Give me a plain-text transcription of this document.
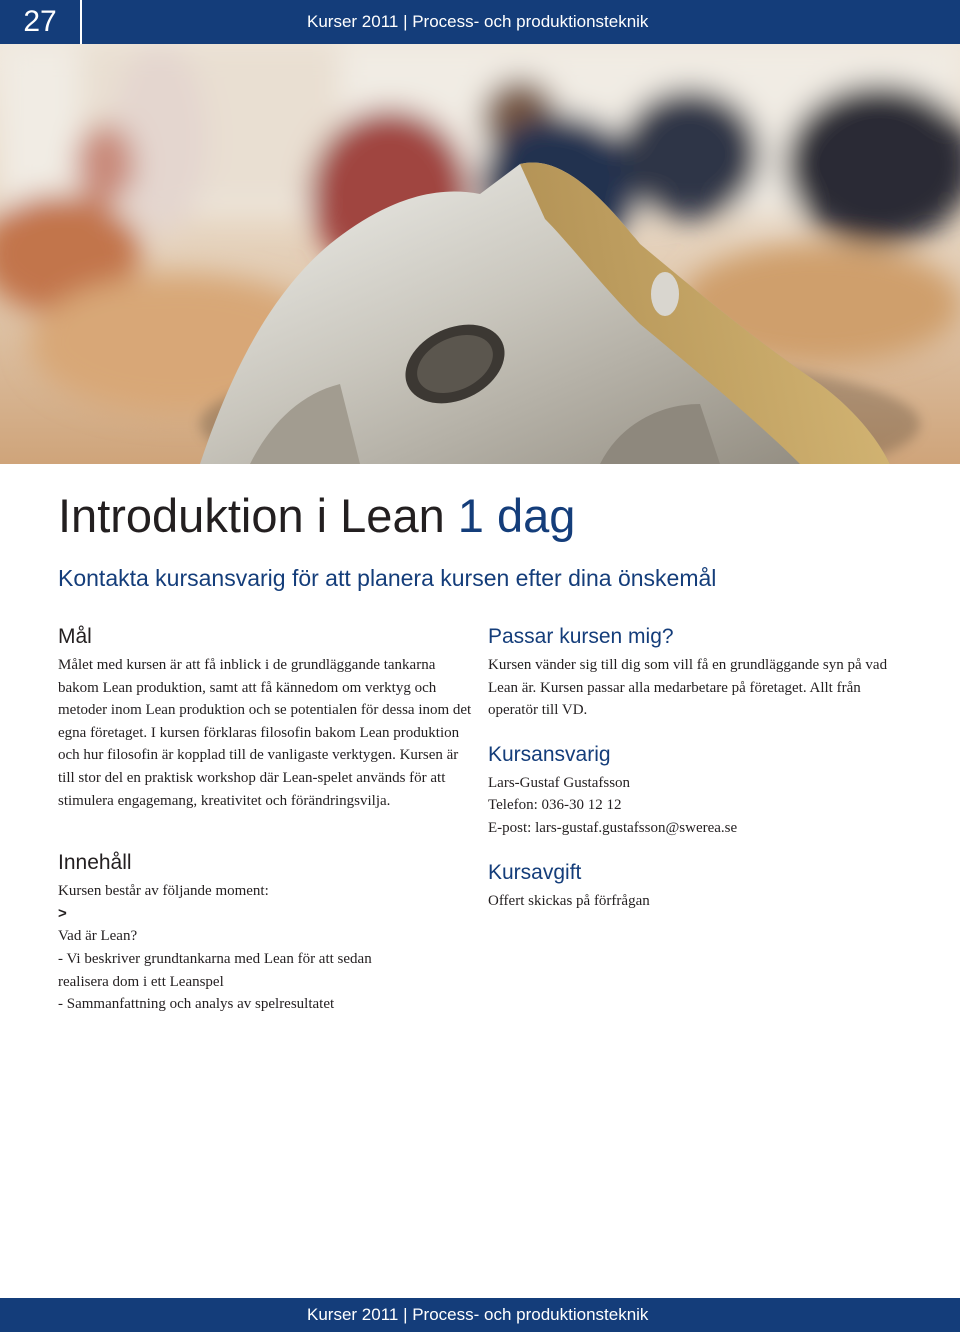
27	Kurser 2011 | Process- och produktionsteknik
Introduktion i Lean 1 dag
Kontakta kursansvarig för att planera kursen efter dina önskemål
Mål

Målet med kursen är att få inblick i de grundläggande tankarna bakom Lean produktion, samt att få kännedom om verktyg och metoder inom Lean produktion och se potentialen för dessa inom det egna företaget. I kursen förklaras filosofin bakom Lean produktion och hur filosofin är kopplad till de vanligaste verktygen. Kursen är till stor del en praktisk workshop där Lean-spelet används för att stimulera engagemang, kreativitet och förändringsvilja.

Innehåll
Kursen består av följande moment:
>
Vad är Lean?
- Vi beskriver grundtankarna med Lean för att sedan
realisera dom i ett Leanspel
- Sammanfattning och analys av spelresultatet
Passar kursen mig?

Kursen vänder sig till dig som vill få en grundläggande syn på vad Lean är. Kursen passar alla medarbetare på företaget. Allt från operatör till VD.

Kursansvarig
Lars-Gustaf Gustafsson
Telefon: 036-30 12 12
E-post: lars-gustaf.gustafsson@swerea.se
Kursavgift

Offert skickas på förfrågan

Kurser 2011 | Process- och produktionsteknik
